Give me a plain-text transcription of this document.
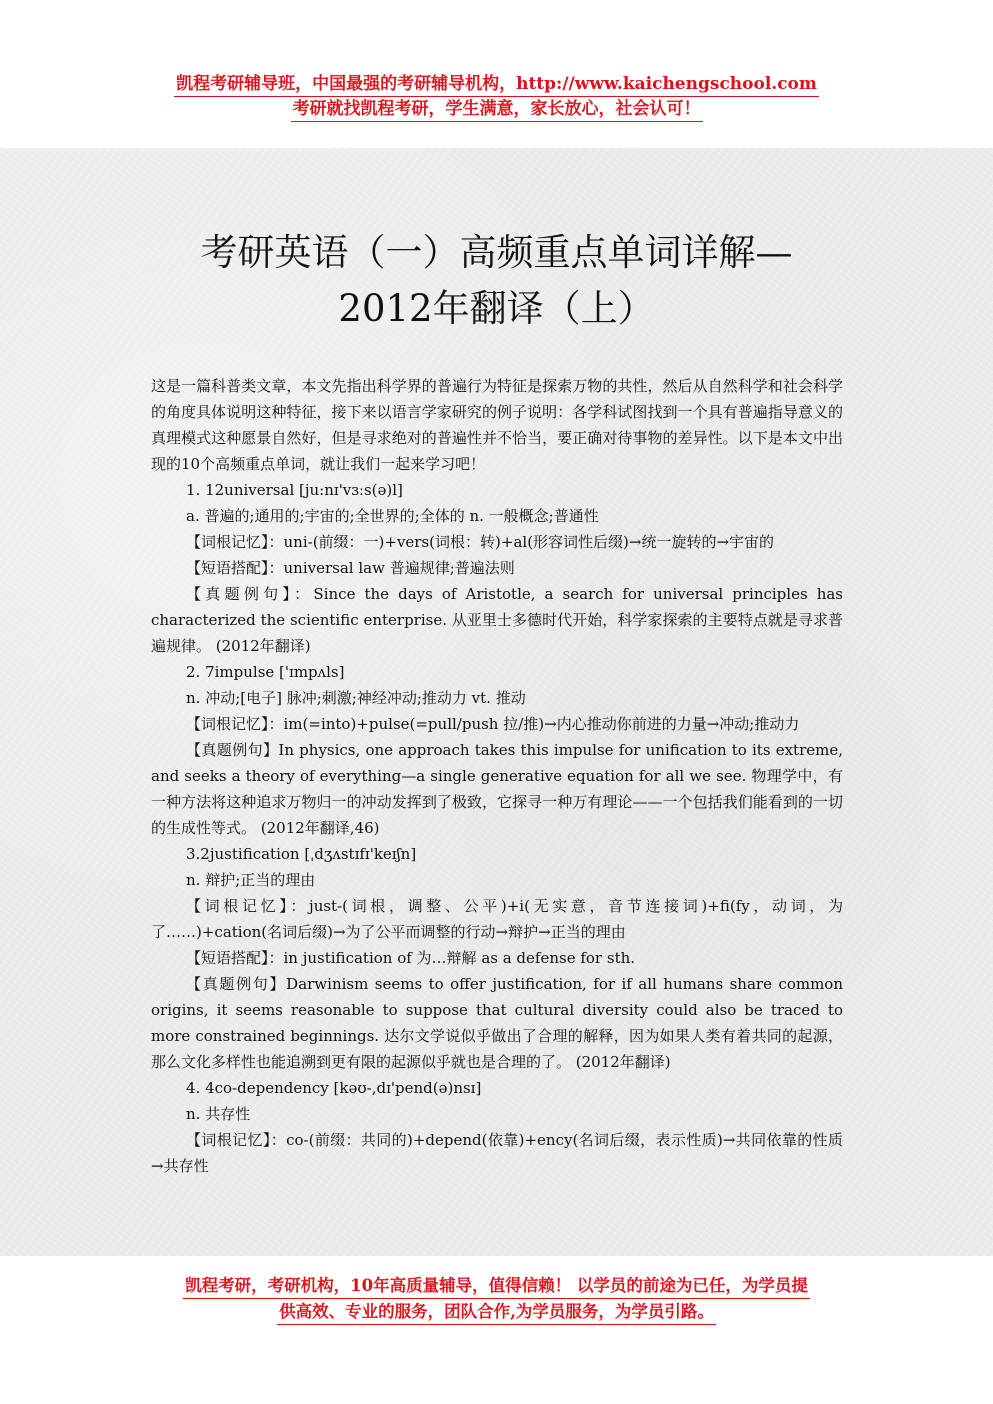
凯程考研辅导班，中国最强的考研辅导机构，http://www.kaichengschool.com
考研就找凯程考研，学生满意，家长放心，社会认可！
考研英语（一）高频重点单词详解—
2012年翻译（上）

这是一篇科普类文章，本文先指出科学界的普遍行为特征是探索万物的共性，然后从自然科学和社会科学的角度具体说明这种特征，接下来以语言学家研究的例子说明：各学科试图找到一个具有普遍指导意义的真理模式这种愿景自然好，但是寻求绝对的普遍性并不恰当，要正确对待事物的差异性。以下是本文中出现的10个高频重点单词，就让我们一起来学习吧！

1. 12universal [ju:nɪ'vɜːs(ə)l]

a. 普遍的;通用的;宇宙的;全世界的;全体的 n. 一般概念;普通性

【词根记忆】：uni-(前缀：一)+vers(词根：转)+al(形容词性后缀)→统一旋转的→宇宙的

【短语搭配】：universal law 普遍规律;普遍法则

【真题例句】：Since the days of Aristotle, a search for universal principles has characterized the scientific enterprise. 从亚里士多德时代开始，科学家探索的主要特点就是寻求普遍规律。 (2012年翻译)

2. 7impulse ['ɪmpʌls]

n. 冲动;[电子] 脉冲;刺激;神经冲动;推动力 vt. 推动

【词根记忆】：im(=into)+pulse(=pull/push 拉/推)→内心推动你前进的力量→冲动;推动力

【真题例句】In physics, one approach takes this impulse for unification to its extreme, and seeks a theory of everything—a single generative equation for all we see. 物理学中，有一种方法将这种追求万物归一的冲动发挥到了极致，它探寻一种万有理论——一个包括我们能看到的一切的生成性等式。 (2012年翻译,46)

3.2justification [ˌdʒʌstɪfɪ'keɪʃn]

n. 辩护;正当的理由

【词根记忆】：just-(词根，调整、公平)+i(无实意，音节连接词)+fi(fy，动词，为了……)+cation(名词后缀)→为了公平而调整的行动→辩护→正当的理由

【短语搭配】：in justification of 为…辩解 as a defense for sth.

【真题例句】Darwinism seems to offer justification, for if all humans share common origins, it seems reasonable to suppose that cultural diversity could also be traced to more constrained beginnings. 达尔文学说似乎做出了合理的解释，因为如果人类有着共同的起源，那么文化多样性也能追溯到更有限的起源似乎就也是合理的了。 (2012年翻译)

4. 4co-dependency [kəʊ-,dɪ'pend(ə)nsɪ]

n. 共存性

【词根记忆】：co-(前缀：共同的)+depend(依靠)+ency(名词后缀，表示性质)→共同依靠的性质→共存性

凯程考研，考研机构，10年高质量辅导，值得信赖！ 以学员的前途为已任，为学员提
供高效、专业的服务，团队合作,为学员服务，为学员引路。
